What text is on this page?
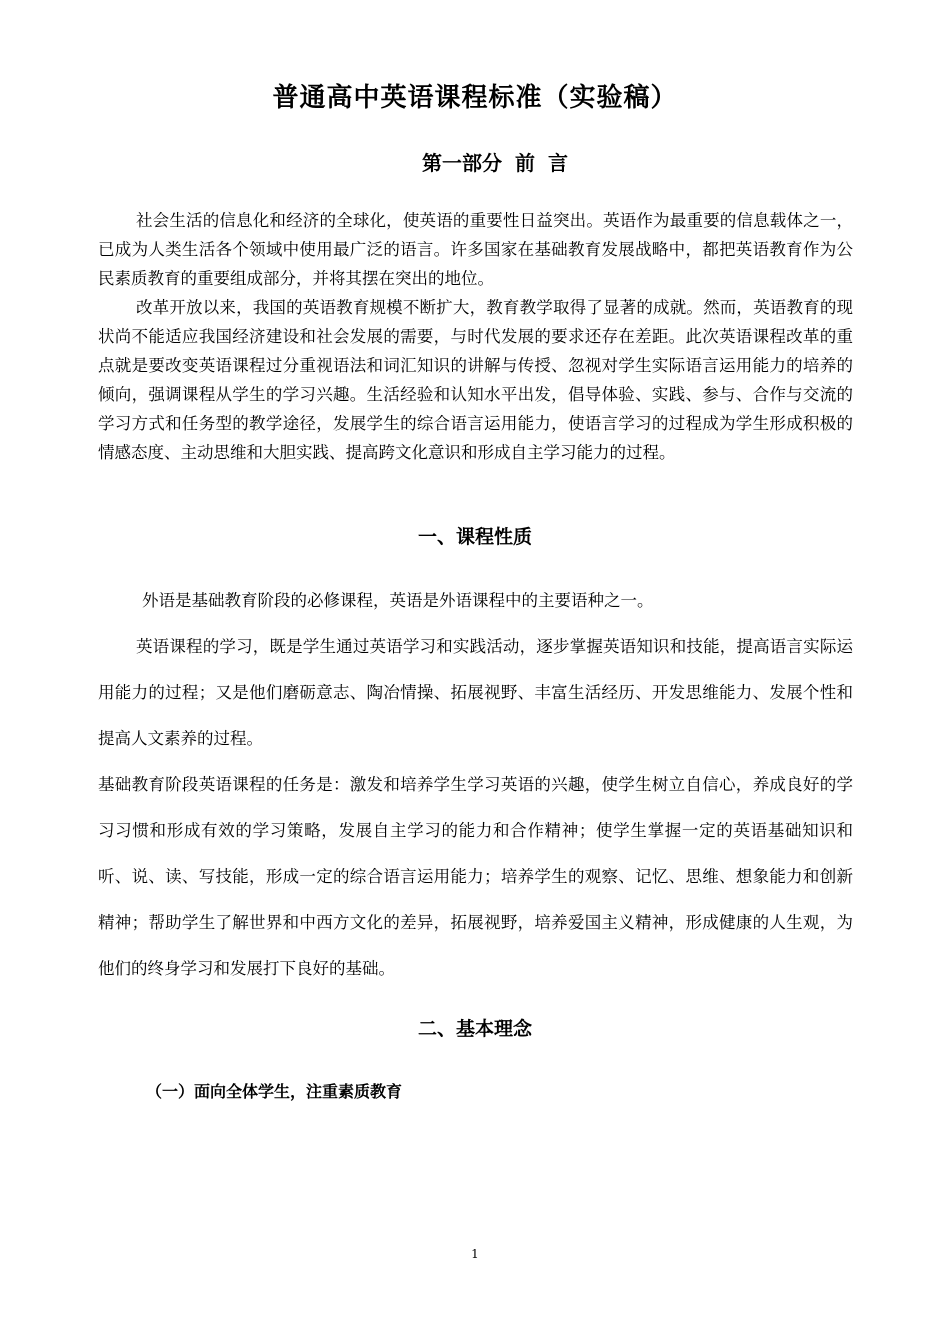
普通高中英语课程标准（实验稿）
第一部分 前 言

社会生活的信息化和经济的全球化，使英语的重要性日益突出。英语作为最重要的信息载体之一，已成为人类生活各个领域中使用最广泛的语言。许多国家在基础教育发展战略中，都把英语教育作为公民素质教育的重要组成部分，并将其摆在突出的地位。

改革开放以来，我国的英语教育规模不断扩大，教育教学取得了显著的成就。然而，英语教育的现状尚不能适应我国经济建设和社会发展的需要，与时代发展的要求还存在差距。此次英语课程改革的重点就是要改变英语课程过分重视语法和词汇知识的讲解与传授、忽视对学生实际语言运用能力的培养的倾向，强调课程从学生的学习兴趣。生活经验和认知水平出发，倡导体验、实践、参与、合作与交流的学习方式和任务型的教学途径，发展学生的综合语言运用能力，使语言学习的过程成为学生形成积极的情感态度、主动思维和大胆实践、提高跨文化意识和形成自主学习能力的过程。

一、课程性质

外语是基础教育阶段的必修课程，英语是外语课程中的主要语种之一。

英语课程的学习，既是学生通过英语学习和实践活动，逐步掌握英语知识和技能，提高语言实际运用能力的过程；又是他们磨砺意志、陶冶情操、拓展视野、丰富生活经历、开发思维能力、发展个性和提高人文素养的过程。

基础教育阶段英语课程的任务是：激发和培养学生学习英语的兴趣，使学生树立自信心，养成良好的学习习惯和形成有效的学习策略，发展自主学习的能力和合作精神；使学生掌握一定的英语基础知识和听、说、读、写技能，形成一定的综合语言运用能力；培养学生的观察、记忆、思维、想象能力和创新精神；帮助学生了解世界和中西方文化的差异，拓展视野，培养爱国主义精神，形成健康的人生观，为他们的终身学习和发展打下良好的基础。

二、基本理念
（一）面向全体学生，注重素质教育
1
